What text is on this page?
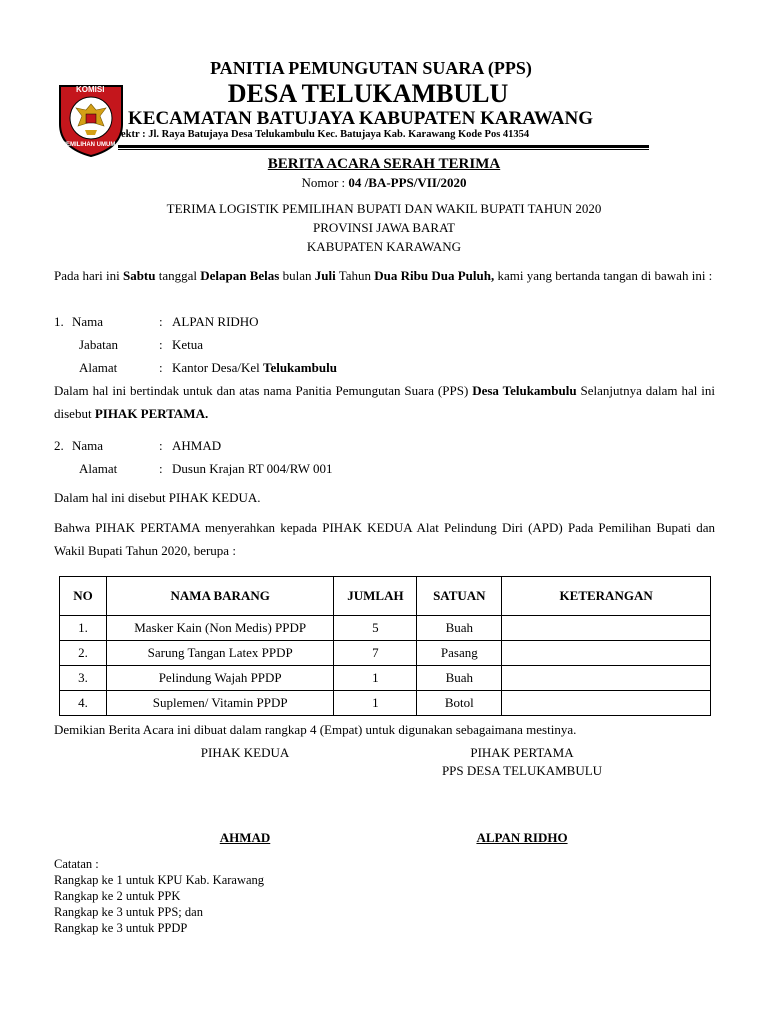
KOMISI
PEMILIHAN UMUM
PANITIA PEMUNGUTAN SUARA (PPS)
DESA TELUKAMBULU
KECAMATAN BATUJAYA KABUPATEN KARAWANG
ektr : Jl. Raya Batujaya Desa Telukambulu Kec. Batujaya Kab. Karawang Kode Pos 41354
BERITA ACARA SERAH TERIMA
Nomor : 04 /BA-PPS/VII/2020
TERIMA LOGISTIK PEMILIHAN BUPATI DAN WAKIL BUPATI TAHUN 2020
PROVINSI JAWA BARAT
KABUPATEN KARAWANG
Pada hari ini Sabtu tanggal Delapan Belas bulan Juli Tahun Dua Ribu Dua Puluh, kami yang bertanda tangan di bawah ini :
1. Nama	: ALPAN RIDHO
Jabatan	: Ketua
Alamat	: Kantor Desa/Kel Telukambulu
Dalam hal ini bertindak untuk dan atas nama Panitia Pemungutan Suara (PPS) Desa Telukambulu Selanjutnya dalam hal ini disebut PIHAK PERTAMA.
2. Nama	: AHMAD
Alamat	: Dusun Krajan RT 004/RW 001
Dalam hal ini disebut PIHAK KEDUA.
Bahwa PIHAK PERTAMA menyerahkan kepada PIHAK KEDUA Alat Pelindung Diri (APD) Pada Pemilihan Bupati dan Wakil Bupati Tahun 2020, berupa :
NO	NAMA BARANG	JUMLAH	SATUAN	KETERANGAN
1.	Masker Kain (Non Medis) PPDP	5	Buah	
2.	Sarung Tangan Latex PPDP	7	Pasang	
3.	Pelindung Wajah PPDP	1	Buah	
4.	Suplemen/ Vitamin PPDP	1	Botol	
Demikian Berita Acara ini dibuat dalam rangkap 4 (Empat) untuk digunakan sebagaimana mestinya.
PIHAK KEDUA	PIHAK PERTAMA
PPS DESA TELUKAMBULU
AHMAD	ALPAN RIDHO
Catatan :
Rangkap ke 1 untuk KPU Kab. Karawang
Rangkap ke 2 untuk PPK
Rangkap ke 3 untuk PPS; dan
Rangkap ke 3 untuk PPDP
